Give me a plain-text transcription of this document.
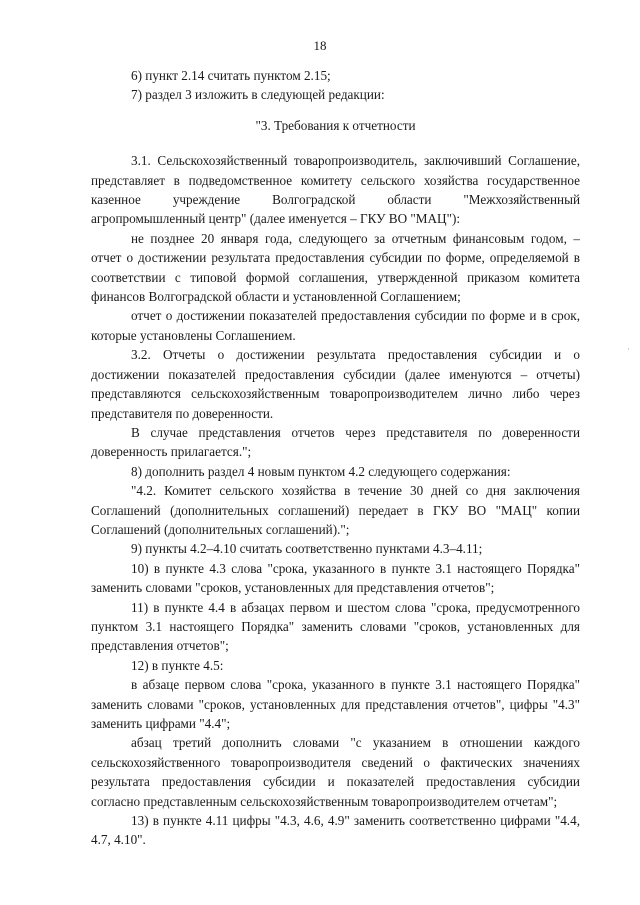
18

6) пункт 2.14 считать пунктом 2.15;

7) раздел 3 изложить в следующей редакции:

"3. Требования к отчетности

3.1. Сельскохозяйственный товаропроизводитель, заключивший Соглашение, представляет в подведомственное комитету сельского хозяйства государственное казенное учреждение Волгоградской области "Межхозяйственный агропромышленный центр" (далее именуется – ГКУ ВО "МАЦ"):

не позднее 20 января года, следующего за отчетным финансовым годом, – отчет о достижении результата предоставления субсидии по форме, определяемой в соответствии с типовой формой соглашения, утвержденной приказом комитета финансов Волгоградской области и установленной Соглашением;

отчет о достижении показателей предоставления субсидии по форме и в срок, которые установлены Соглашением.

3.2. Отчеты о достижении результата предоставления субсидии и о достижении показателей предоставления субсидии (далее именуются – отчеты) представляются сельскохозяйственным товаропроизводителем лично либо через представителя по доверенности.

В случае представления отчетов через представителя по доверенности доверенность прилагается.";

8) дополнить раздел 4 новым пунктом 4.2 следующего содержания:

"4.2. Комитет сельского хозяйства в течение 30 дней со дня заключения Соглашений (дополнительных соглашений) передает в ГКУ ВО "МАЦ" копии Соглашений (дополнительных соглашений).";

9) пункты 4.2–4.10 считать соответственно пунктами 4.3–4.11;

10) в пункте 4.3 слова "срока, указанного в пункте 3.1 настоящего Порядка" заменить словами "сроков, установленных для представления отчетов";

11) в пункте 4.4 в абзацах первом и шестом слова "срока, предусмотренного пунктом 3.1 настоящего Порядка" заменить словами "сроков, установленных для представления отчетов";

12) в пункте 4.5:

в абзаце первом слова "срока, указанного в пункте 3.1 настоящего Порядка" заменить словами "сроков, установленных для представления отчетов", цифры "4.3" заменить цифрами "4.4";

абзац третий дополнить словами "с указанием в отношении каждого сельскохозяйственного товаропроизводителя сведений о фактических значениях результата предоставления субсидии и показателей предоставления субсидии согласно представленным сельскохозяйственным товаропроизводителем отчетам";

13) в пункте 4.11 цифры "4.3, 4.6, 4.9" заменить соответственно цифрами "4.4, 4.7, 4.10".

·
